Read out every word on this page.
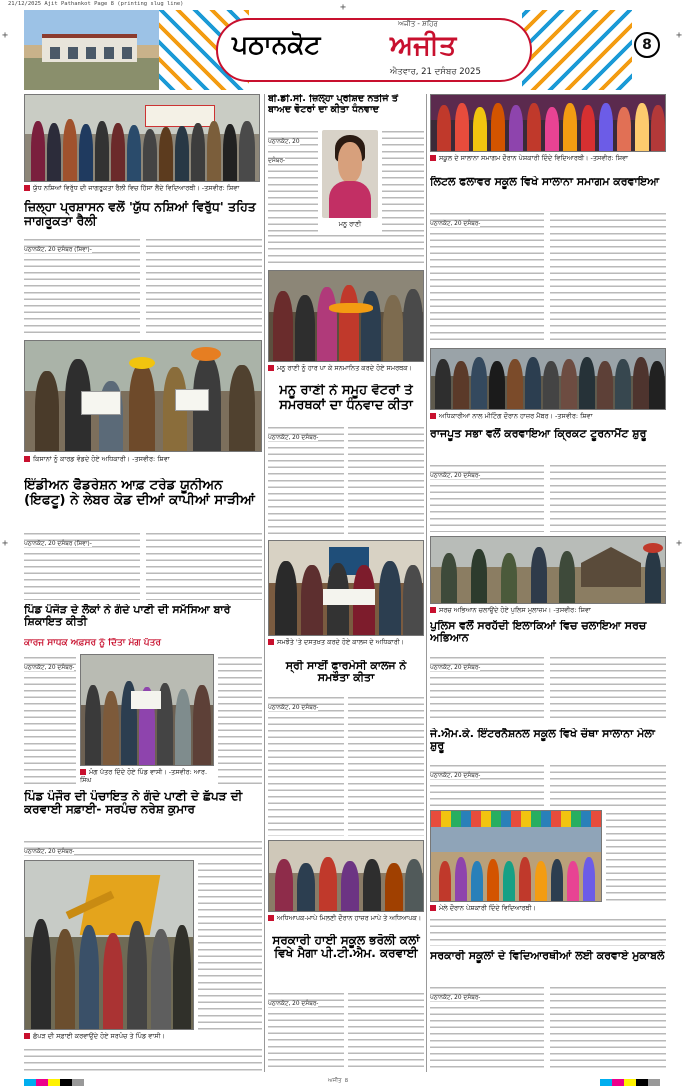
21/12/2025 Ajit Pathankot Page 8 (printing slug line)
+	+
+	+
+
ਪਠਾਨਕੋਟ
ਅਜੀਤ - ਸ਼ਹਿਰ
ਅਜੀਤ
ਐਤਵਾਰ, 21 ਦਸੰਬਰ 2025
8
ਯੁੱਧ ਨਸ਼ਿਆਂ ਵਿਰੁੱਧ ਦੀ ਜਾਗਰੂਕਤਾ ਰੈਲੀ ਵਿਚ ਹਿੱਸਾ ਲੈਂਦੇ ਵਿਦਿਆਰਥੀ। -ਤਸਵੀਰ: ਸ਼ਿਵਾ
ਜ਼ਿਲ੍ਹਾ ਪ੍ਰਸ਼ਾਸਨ ਵਲੋਂ 'ਯੁੱਧ ਨਸ਼ਿਆਂ ਵਿਰੁੱਧ' ਤਹਿਤ ਜਾਗਰੂਕਤਾ ਰੈਲੀ
ਪਠਾਨਕੋਟ, 20 ਦਸੰਬਰ (ਸ਼ਿਵਾ)-
ਕਿਸਾਨਾਂ ਨੂੰ ਕਾਰਡ ਵੰਡਦੇ ਹੋਏ ਅਧਿਕਾਰੀ। -ਤਸਵੀਰ: ਸ਼ਿਵਾ
ਇੰਡੀਅਨ ਫੈਡਰੇਸ਼ਨ ਆਫ਼ ਟਰੇਡ ਯੂਨੀਅਨ (ਇਫਟੂ) ਨੇ ਲੇਬਰ ਕੋਡ ਦੀਆਂ ਕਾਪੀਆਂ ਸਾੜੀਆਂ
ਪਠਾਨਕੋਟ, 20 ਦਸੰਬਰ (ਸ਼ਿਵਾ)-
ਪਿੰਡ ਪੰਜੌੜ ਦੇ ਲੋਕਾਂ ਨੇ ਗੰਦੇ ਪਾਣੀ ਦੀ ਸਮੱਸਿਆ ਬਾਰੇ ਸ਼ਿਕਾਇਤ ਕੀਤੀ
ਕਾਰਜ ਸਾਧਕ ਅਫ਼ਸਰ ਨੂੰ ਦਿੱਤਾ ਮੰਗ ਪੱਤਰ
ਪਠਾਨਕੋਟ, 20 ਦਸੰਬਰ-
ਮੰਗ ਪੱਤਰ ਦਿੰਦੇ ਹੋਏ ਪਿੰਡ ਵਾਸੀ। -ਤਸਵੀਰ: ਆਰ. ਸਿੰਘ
ਪਿੰਡ ਪੰਜੌਰ ਦੀ ਪੰਚਾਇਤ ਨੇ ਗੰਦੇ ਪਾਣੀ ਦੇ ਛੱਪੜ ਦੀ ਕਰਵਾਈ ਸਫ਼ਾਈ- ਸਰਪੰਚ ਨਰੇਸ਼ ਕੁਮਾਰ
ਪਠਾਨਕੋਟ, 20 ਦਸੰਬਰ-
ਛੱਪੜ ਦੀ ਸਫ਼ਾਈ ਕਰਵਾਉਂਦੇ ਹੋਏ ਸਰਪੰਚ ਤੇ ਪਿੰਡ ਵਾਸੀ।
ਬੀ.ਡੀ.ਸੀ. ਜ਼ਿਲ੍ਹਾ ਪ੍ਰੀਸ਼ਦ ਨਤੀਜੇ ਤੋਂ ਬਾਅਦ ਵੋਟਰਾਂ ਦਾ ਕੀਤਾ ਧੰਨਵਾਦ
ਪਠਾਨਕੋਟ, 20 ਦਸੰਬਰ-
ਮਨੂ ਰਾਣੀ
ਮਨੂ ਰਾਣੀ ਨੂੰ ਹਾਰ ਪਾ ਕੇ ਸਨਮਾਨਿਤ ਕਰਦੇ ਹੋਏ ਸਮਰਥਕ।
ਮਨੂ ਰਾਣੀ ਨੇ ਸਮੂਹ ਵੋਟਰਾਂ ਤੇ ਸਮਰਥਕਾਂ ਦਾ ਧੰਨਵਾਦ ਕੀਤਾ
ਪਠਾਨਕੋਟ, 20 ਦਸੰਬਰ-
ਸਮਝੌਤੇ 'ਤੇ ਦਸਤਖ਼ਤ ਕਰਦੇ ਹੋਏ ਕਾਲਜ ਦੇ ਅਧਿਕਾਰੀ।
ਸ੍ਰੀ ਸਾਈਂ ਫਾਰਮੇਸੀ ਕਾਲਜ ਨੇ ਸਮਝੌਤਾ ਕੀਤਾ
ਪਠਾਨਕੋਟ, 20 ਦਸੰਬਰ-
ਅਧਿਆਪਕ-ਮਾਪੇ ਮਿਲਣੀ ਦੌਰਾਨ ਹਾਜ਼ਰ ਮਾਪੇ ਤੇ ਅਧਿਆਪਕ।
ਸਰਕਾਰੀ ਹਾਈ ਸਕੂਲ ਭਰੋਲੀ ਕਲਾਂ ਵਿਖੇ ਮੈਗਾ ਪੀ.ਟੀ.ਐਮ. ਕਰਵਾਈ
ਪਠਾਨਕੋਟ, 20 ਦਸੰਬਰ-
ਸਕੂਲ ਦੇ ਸਾਲਾਨਾ ਸਮਾਗਮ ਦੌਰਾਨ ਪੇਸ਼ਕਾਰੀ ਦਿੰਦੇ ਵਿਦਿਆਰਥੀ। -ਤਸਵੀਰ: ਸ਼ਿਵਾ
ਲਿਟਲ ਫਲਾਵਰ ਸਕੂਲ ਵਿਖੇ ਸਾਲਾਨਾ ਸਮਾਗਮ ਕਰਵਾਇਆ
ਪਠਾਨਕੋਟ, 20 ਦਸੰਬਰ-
ਅਧਿਕਾਰੀਆਂ ਨਾਲ ਮੀਟਿੰਗ ਦੌਰਾਨ ਹਾਜ਼ਰ ਮੈਂਬਰ। -ਤਸਵੀਰ: ਸ਼ਿਵਾ
ਰਾਜਪੂਤ ਸਭਾ ਵਲੋਂ ਕਰਵਾਇਆ ਕ੍ਰਿਕਟ ਟੂਰਨਾਮੈਂਟ ਸ਼ੁਰੂ
ਪਠਾਨਕੋਟ, 20 ਦਸੰਬਰ-
ਸਰਚ ਅਭਿਆਨ ਚਲਾਉਂਦੇ ਹੋਏ ਪੁਲਿਸ ਮੁਲਾਜ਼ਮ। -ਤਸਵੀਰ: ਸ਼ਿਵਾ
ਪੁਲਿਸ ਵਲੋਂ ਸਰਹੱਦੀ ਇਲਾਕਿਆਂ ਵਿਚ ਚਲਾਇਆ ਸਰਚ ਅਭਿਆਨ
ਪਠਾਨਕੋਟ, 20 ਦਸੰਬਰ-
ਜੇ.ਐਮ.ਕੇ. ਇੰਟਰਨੈਸ਼ਨਲ ਸਕੂਲ ਵਿਖੇ ਚੌਥਾ ਸਾਲਾਨਾ ਮੇਲਾ ਸ਼ੁਰੂ
ਪਠਾਨਕੋਟ, 20 ਦਸੰਬਰ-
ਮੇਲੇ ਦੌਰਾਨ ਪੇਸ਼ਕਾਰੀ ਦਿੰਦੇ ਵਿਦਿਆਰਥੀ।
ਸਰਕਾਰੀ ਸਕੂਲਾਂ ਦੇ ਵਿਦਿਆਰਥੀਆਂ ਲਈ ਕਰਵਾਏ ਮੁਕਾਬਲੇ
ਪਠਾਨਕੋਟ, 20 ਦਸੰਬਰ-
ਅਜੀਤ 8
